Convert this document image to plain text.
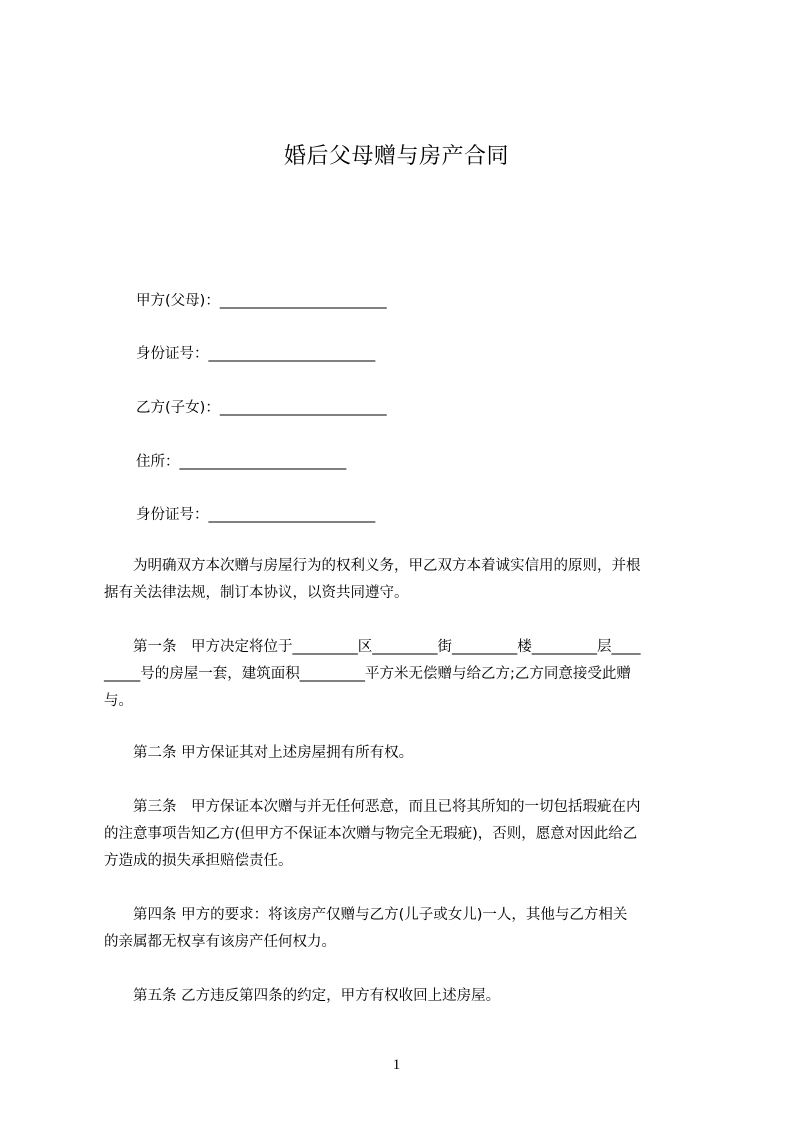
婚后父母赠与房产合同
甲方(父母)：_______________________
身份证号：_______________________
乙方(子女)：_______________________
住所：_______________________
身份证号：_______________________
　　为明确双方本次赠与房屋行为的权利义务，甲乙双方本着诚实信用的原则，并根
据有关法律法规，制订本协议，以资共同遵守。
　　第一条　甲方决定将位于_________区_________街_________楼_________层____
_____号的房屋一套，建筑面积_________平方米无偿赠与给乙方;乙方同意接受此赠
与。
　　第二条 甲方保证其对上述房屋拥有所有权。
　　第三条　甲方保证本次赠与并无任何恶意，而且已将其所知的一切包括瑕疵在内
的注意事项告知乙方(但甲方不保证本次赠与物完全无瑕疵)，否则，愿意对因此给乙
方造成的损失承担赔偿责任。
　　第四条 甲方的要求：将该房产仅赠与乙方(儿子或女儿)一人，其他与乙方相关
的亲属都无权享有该房产任何权力。
　　第五条 乙方违反第四条的约定，甲方有权收回上述房屋。
1
